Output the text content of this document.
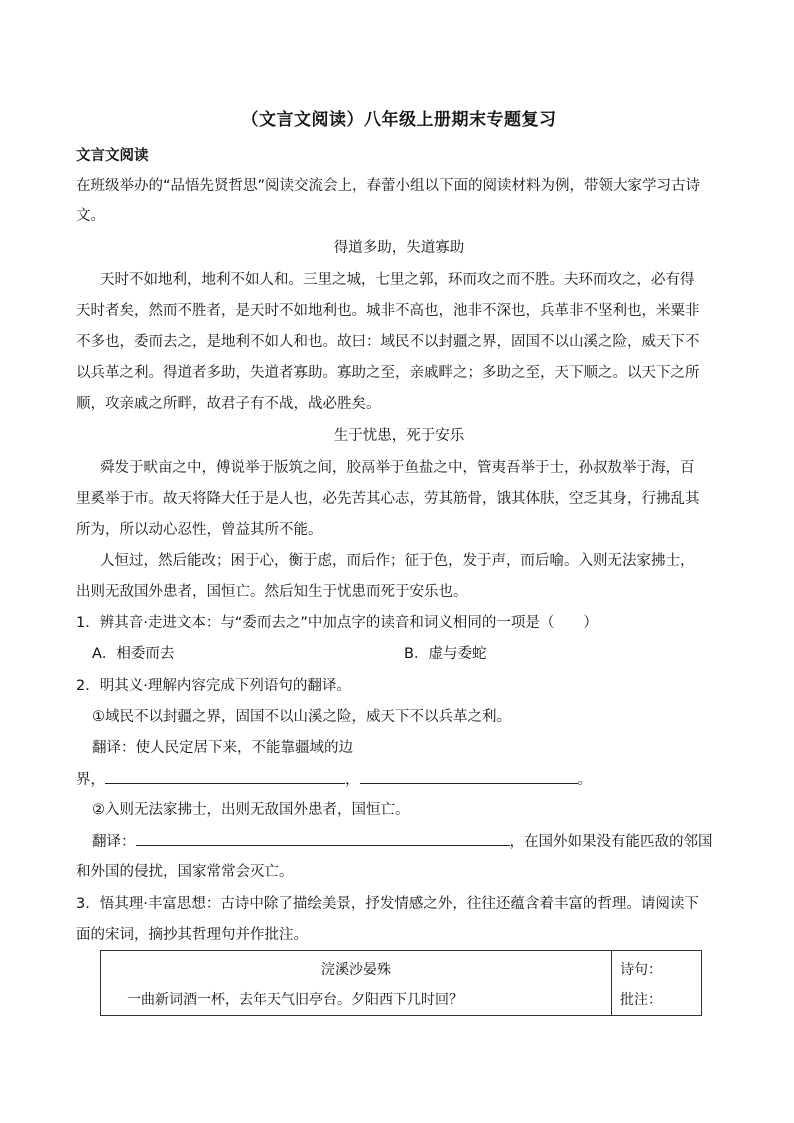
（文言文阅读）八年级上册期末专题复习
文言文阅读
在班级举办的“品悟先贤哲思”阅读交流会上，春蕾小组以下面的阅读材料为例，带领大家学习古诗
文。
得道多助，失道寡助
天时不如地利，地利不如人和。三里之城，七里之郭，环而攻之而不胜。夫环而攻之，必有得
天时者矣，然而不胜者，是天时不如地利也。城非不高也，池非不深也，兵革非不坚利也，米粟非
不多也，委而去之，是地利不如人和也。故曰：域民不以封疆之界，固国不以山溪之险，威天下不
以兵革之利。得道者多助，失道者寡助。寡助之至，亲戚畔之；多助之至，天下顺之。以天下之所
顺，攻亲戚之所畔，故君子有不战，战必胜矣。
生于忧患，死于安乐
舜发于畎亩之中，傅说举于版筑之间，胶鬲举于鱼盐之中，管夷吾举于士，孙叔敖举于海，百
里奚举于市。故天将降大任于是人也，必先苦其心志，劳其筋骨，饿其体肤，空乏其身，行拂乱其
所为，所以动心忍性，曾益其所不能。
人恒过，然后能改；困于心，衡于虑，而后作；征于色，发于声，而后喻。入则无法家拂士，
出则无敌国外患者，国恒亡。然后知生于忧患而死于安乐也。
1．辨其音·走进文本：与“委而去之”中加点字的读音和词义相同的一项是（　　）
A．相委而去	B．虚与委蛇
2．明其义·理解内容完成下列语句的翻译。
①域民不以封疆之界，固国不以山溪之险，威天下不以兵革之利。
翻译：使人民定居下来，不能靠疆域的边
界，	，	。
②入则无法家拂士，出则无敌国外患者，国恒亡。
翻译：	，在国外如果没有能匹敌的邻国
和外国的侵扰，国家常常会灭亡。
3．悟其理·丰富思想：古诗中除了描绘美景，抒发情感之外，往往还蕴含着丰富的哲理。请阅读下
面的宋词，摘抄其哲理句并作批注。
浣溪沙晏殊
一曲新词酒一杯，去年天气旧亭台。夕阳西下几时回？

诗句：
批注：
